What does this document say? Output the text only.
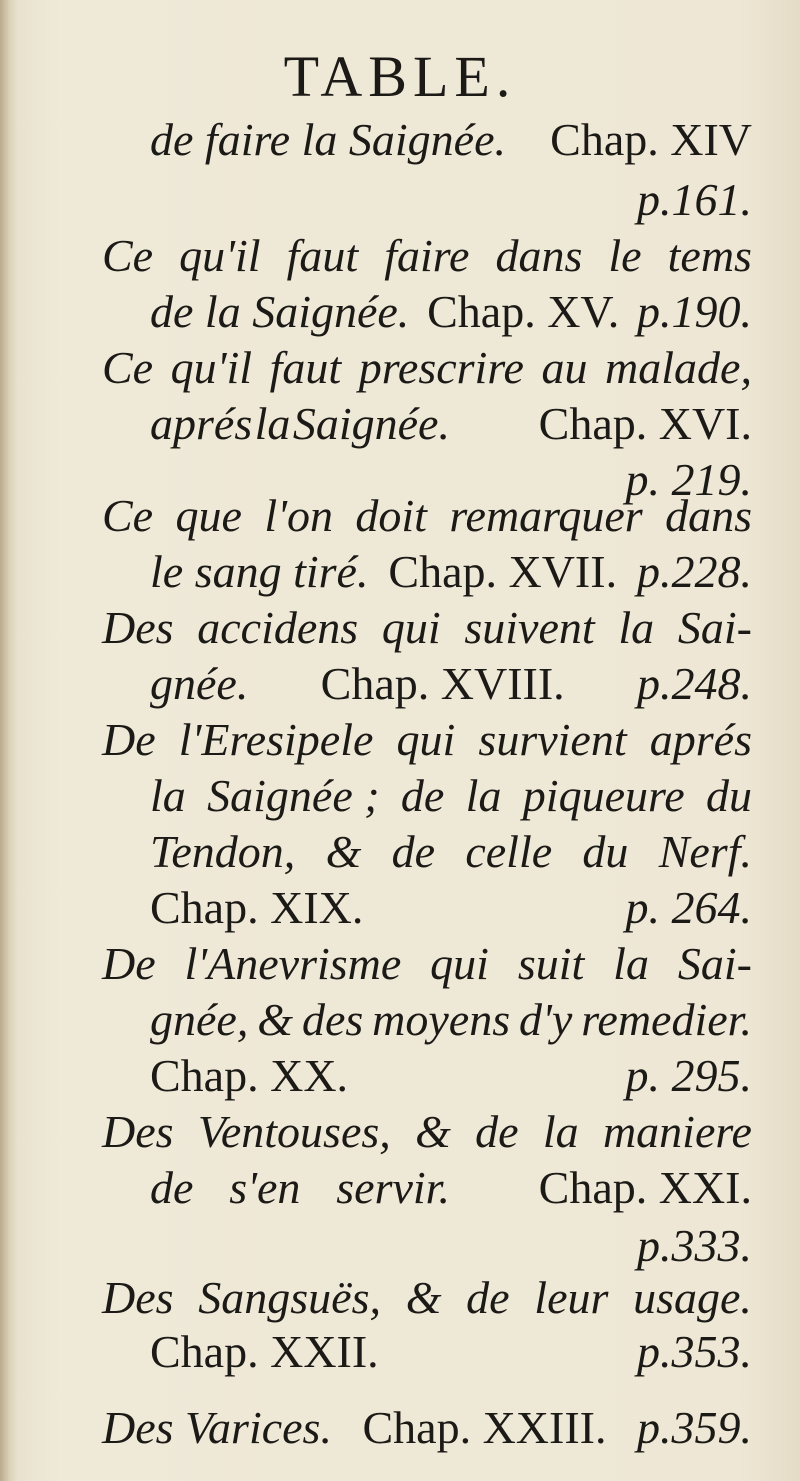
TABLE.
de faire la Saignée. Chap. XIV
p.161.
Ce qu'il faut faire dans le tems
de la Saignée. Chap. XV. p.190.
Ce qu'il faut prescrire au malade,
aprés la Saignée. Chap. XVI.
p. 219.
Ce que l'on doit remarquer dans
le sang tiré. Chap. XVII. p.228.
Des accidens qui suivent la Sai-
gnée. Chap. XVIII. p.248.
De l'Eresipele qui survient aprés
la Saignée ; de la piqueure du
Tendon, & de celle du Nerf.
Chap. XIX.	p. 264.
De l'Anevrisme qui suit la Sai-
gnée, & des moyens d'y remedier.
Chap. XX.	p. 295.
Des Ventouses, & de la maniere
de s'en servir. Chap. XXI.
p.333.
Des Sangsuës, & de leur usage.
Chap. XXII.	p.353.
Des Varices. Chap. XXIII. p.359.
